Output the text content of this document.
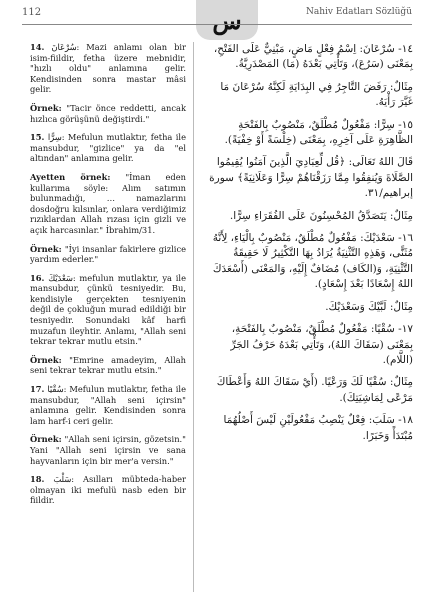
112	س	Nahiv Edatları Sözlüğü

14. سُرْعَانَ: Mazi anlamı olan bir isim-fiildir, fetha üzere mebnidir, "hızlı oldu" anlamına gelir. Kendisinden sonra mastar mâsi gelir.

Örnek: "Tacir önce reddetti, ancak hızlıca görüşünü değiştirdi."

15. سِرًّا: Mefulun mutlaktır, fetha ile mansubdur, "gizlice" ya da "el altından" anlamına gelir.

Ayetten örnek: "İman eden kullarıma söyle: Alım satımın bulunmadığı, … namazlarını dosdoğru kılsınlar, onlara verdiğimiz rızıklardan Allah rızası için gizli ve açık harcasınlar." İbrahim/31.

Örnek: "İyi insanlar fakirlere gizlice yardım ederler."

16. سَعْدَيْكَ: mefulun mutlaktır, ya ile mansubdur, çünkü tesniyedir. Bu, kendisiyle gerçekten tesniyenin değil de çokluğun murad edildiği bir tesniyedir. Sonundaki kâf harfi muzafun ileyhtir. Anlamı, "Allah seni tekrar tekrar mutlu etsin."

Örnek: "Emrine amadeyim, Allah seni tekrar tekrar mutlu etsin."

17. سُقْيًا: Mefulun mutlaktır, fetha ile mansubdur, "Allah seni içirsin" anlamına gelir. Kendisinden sonra lam harf-i ceri gelir.

Örnek: "Allah seni içirsin, gözetsin." Yani "Allah seni içirsin ve sana hayvanların için bir mer'a versin."

18. سَلْبَ: Asılları mübteda-haber olmayan iki mefulü nasb eden bir fiildir.

١٤- سُرْعَانَ: اِسْمُ فِعْلٍ مَاضٍ، مَبْنِيٌّ عَلَى الفَتْحِ، بِمَعْنَى (سَرُعَ)، وَتَأْتِي بَعْدَهُ (مَا) المَصْدَرِيَّةُ.

مِثَالٌ: رَفَضَ التَّاجِرُ فِي البِدَايَةِ لَكِنَّهُ سُرْعَانَ مَا غَيَّرَ رَأْيَهُ.

١٥- سِرًّا: مَفْعُولٌ مُطْلَقٌ، مَنْصُوبٌ بِالفَتْحَةِ الظَّاهِرَةِ عَلَى آخِرِهِ، بِمَعْنَى (خِلْسَةً أَوْ خِفْيَةً).

قَالَ اللهُ تَعَالَى: ﴿قُل لِّعِبَادِيَ الَّذِينَ آمَنُوا يُقِيمُوا الصَّلَاةَ وَيُنفِقُوا مِمَّا رَزَقْنَاهُمْ سِرًّا وَعَلَانِيَةً﴾ سورة إبراهيم/٣١.

مِثَالٌ: يَتَصَدَّقُ المُحْسِنُونَ عَلَى الفُقَرَاءِ سِرًّا.

١٦- سَعْدَيْكَ: مَفْعُولٌ مُطْلَقٌ، مَنْصُوبٌ بِالْيَاءِ، لِأَنَّهُ مُثَنًّى، وَهَذِهِ التَّثْنِيَةُ يُرَادُ بِهَا التَّكْثِيرُ لَا حَقِيقَةُ التَّثْنِيَةِ، وَ(الكَاف) مُضَافٌ إِلَيْهِ، وَالمَعْنَى (أَسْعَدَكَ اللهُ إِسْعَادًا بَعْدَ إِسْعَادٍ).

مِثَالٌ: لَبَّيْكَ وَسَعْدَيْكَ.

١٧- سُقْيًا: مَفْعُولٌ مُطْلَقٌ، مَنْصُوبٌ بِالفَتْحَةِ، بِمَعْنَى (سَقَاكَ اللهُ)، وَتَأْتِي بَعْدَهُ حَرْفُ الجَرِّ (اللَّام).

مِثَالٌ: سُقْيًا لَكَ وَرَعْيًا. (أَيْ سَقَاكَ اللهُ وَأَعْطَاكَ مَرْعًى لِمَاشِيَتِكَ).

١٨- سَلَبَ: فِعْلٌ يَنْصِبُ مَفْعُولَيْنِ لَيْسَ أَصْلُهُمَا مُبْتَدَأً وَخَبَرًا.
